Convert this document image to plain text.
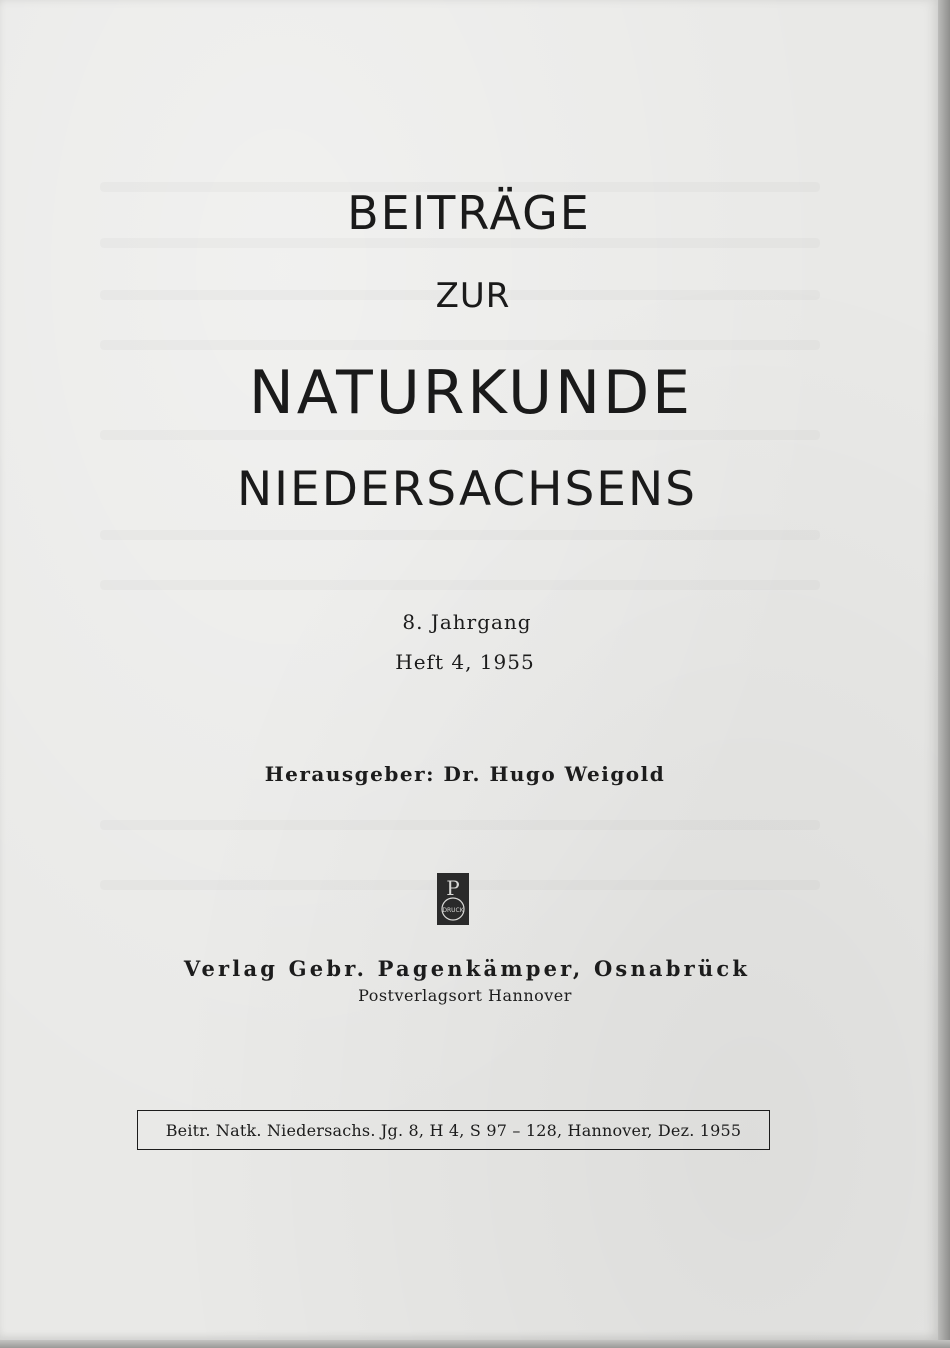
BEITRÄGE
ZUR
NATURKUNDE
NIEDERSACHSENS
8. Jahrgang
Heft 4, 1955
Herausgeber: Dr. Hugo Weigold
P
DRUCK
Verlag Gebr. Pagenkämper, Osnabrück
Postverlagsort Hannover
Beitr. Natk. Niedersachs. Jg. 8, H 4, S 97 – 128, Hannover, Dez. 1955
